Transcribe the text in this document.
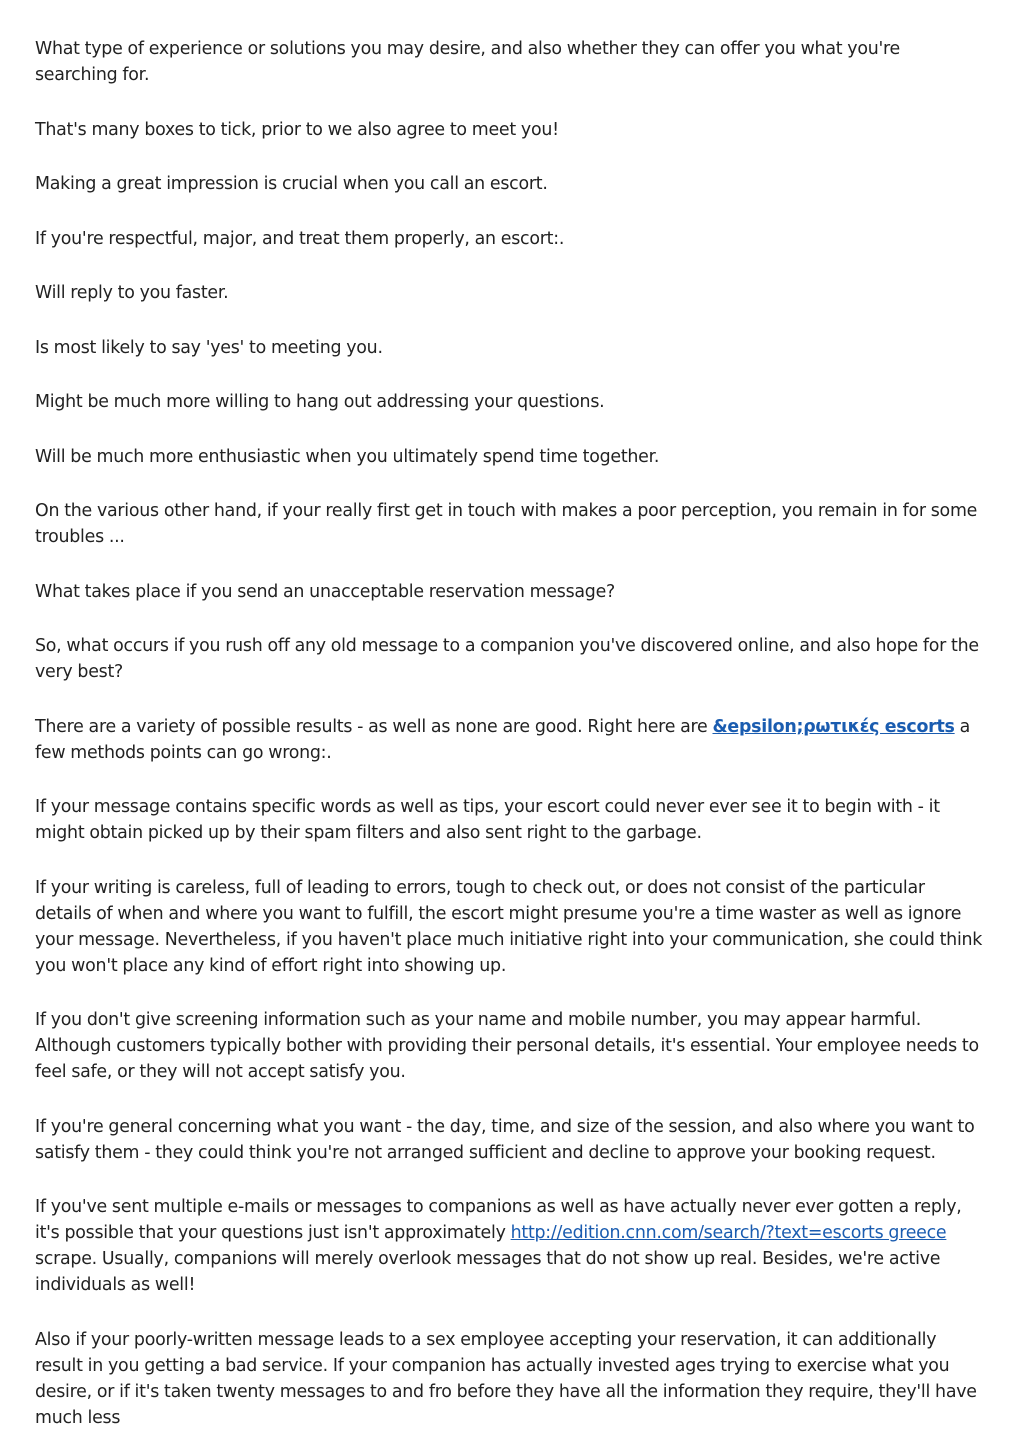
What type of experience or solutions you may desire, and also whether they can offer you what you're searching for.

That's many boxes to tick, prior to we also agree to meet you!

Making a great impression is crucial when you call an escort.

If you're respectful, major, and treat them properly, an escort:.

Will reply to you faster.

Is most likely to say 'yes' to meeting you.

Might be much more willing to hang out addressing your questions.

Will be much more enthusiastic when you ultimately spend time together.

On the various other hand, if your really first get in touch with makes a poor perception, you remain in for some troubles ...

What takes place if you send an unacceptable reservation message?

So, what occurs if you rush off any old message to a companion you've discovered online, and also hope for the very best?

There are a variety of possible results - as well as none are good. Right here are &epsilon;ρωτικές escorts a few methods points can go wrong:.

If your message contains specific words as well as tips, your escort could never ever see it to begin with - it might obtain picked up by their spam filters and also sent right to the garbage.

If your writing is careless, full of leading to errors, tough to check out, or does not consist of the particular details of when and where you want to fulfill, the escort might presume you're a time waster as well as ignore your message. Nevertheless, if you haven't place much initiative right into your communication, she could think you won't place any kind of effort right into showing up.

If you don't give screening information such as your name and mobile number, you may appear harmful. Although customers typically bother with providing their personal details, it's essential. Your employee needs to feel safe, or they will not accept satisfy you.

If you're general concerning what you want - the day, time, and size of the session, and also where you want to satisfy them - they could think you're not arranged sufficient and decline to approve your booking request.

If you've sent multiple e-mails or messages to companions as well as have actually never ever gotten a reply, it's possible that your questions just isn't approximately http://edition.cnn.com/search/?text=escorts greece scrape. Usually, companions will merely overlook messages that do not show up real. Besides, we're active individuals as well!

Also if your poorly-written message leads to a sex employee accepting your reservation, it can additionally result in you getting a bad service. If your companion has actually invested ages trying to exercise what you desire, or if it's taken twenty messages to and fro before they have all the information they require, they'll have much less
